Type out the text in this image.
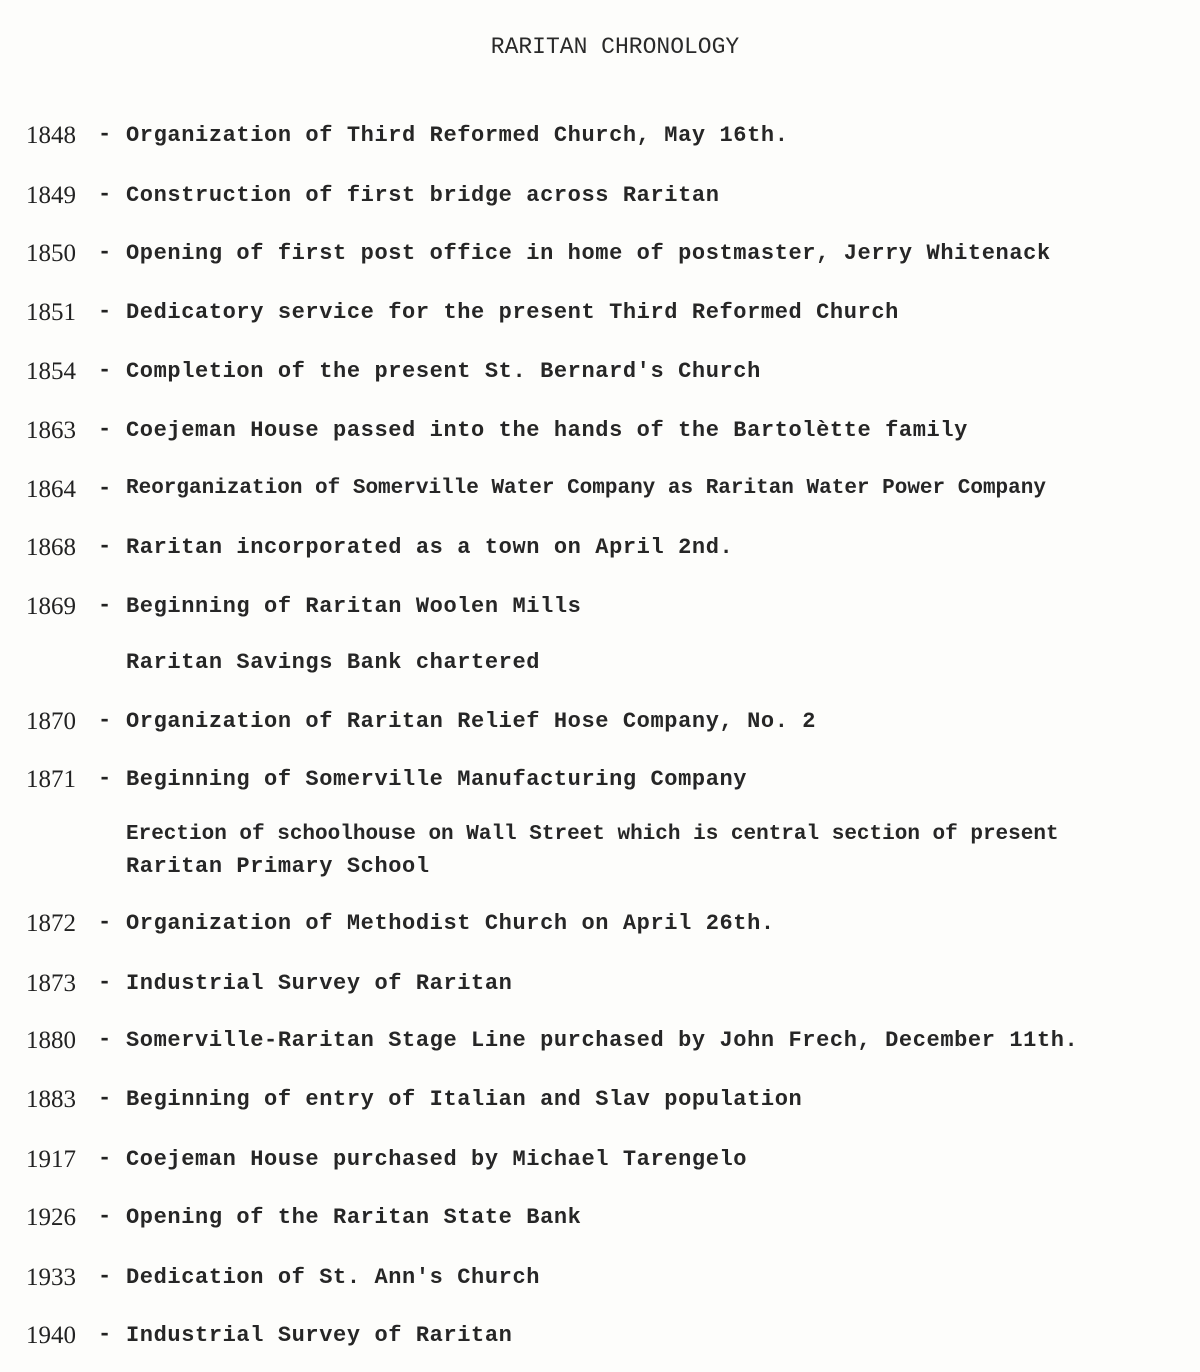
RARITAN CHRONOLOGY
1848 - Organization of Third Reformed Church, May 16th.
1849 - Construction of first bridge across Raritan
1850 - Opening of first post office in home of postmaster, Jerry Whitenack
1851 - Dedicatory service for the present Third Reformed Church
1854 - Completion of the present St. Bernard's Church
1863 - Coejeman House passed into the hands of the Bartolètte family
1864 - Reorganization of Somerville Water Company as Raritan Water Power Company
1868 - Raritan incorporated as a town on April 2nd.
1869 - Beginning of Raritan Woolen Mills
Raritan Savings Bank chartered
1870 - Organization of Raritan Relief Hose Company, No. 2
1871 - Beginning of Somerville Manufacturing Company
Erection of schoolhouse on Wall Street which is central section of present
Raritan Primary School
1872 - Organization of Methodist Church on April 26th.
1873 - Industrial Survey of Raritan
1880 - Somerville-Raritan Stage Line purchased by John Frech, December 11th.
1883 - Beginning of entry of Italian and Slav population
1917 - Coejeman House purchased by Michael Tarengelo
1926 - Opening of the Raritan State Bank
1933 - Dedication of St. Ann's Church
1940 - Industrial Survey of Raritan
